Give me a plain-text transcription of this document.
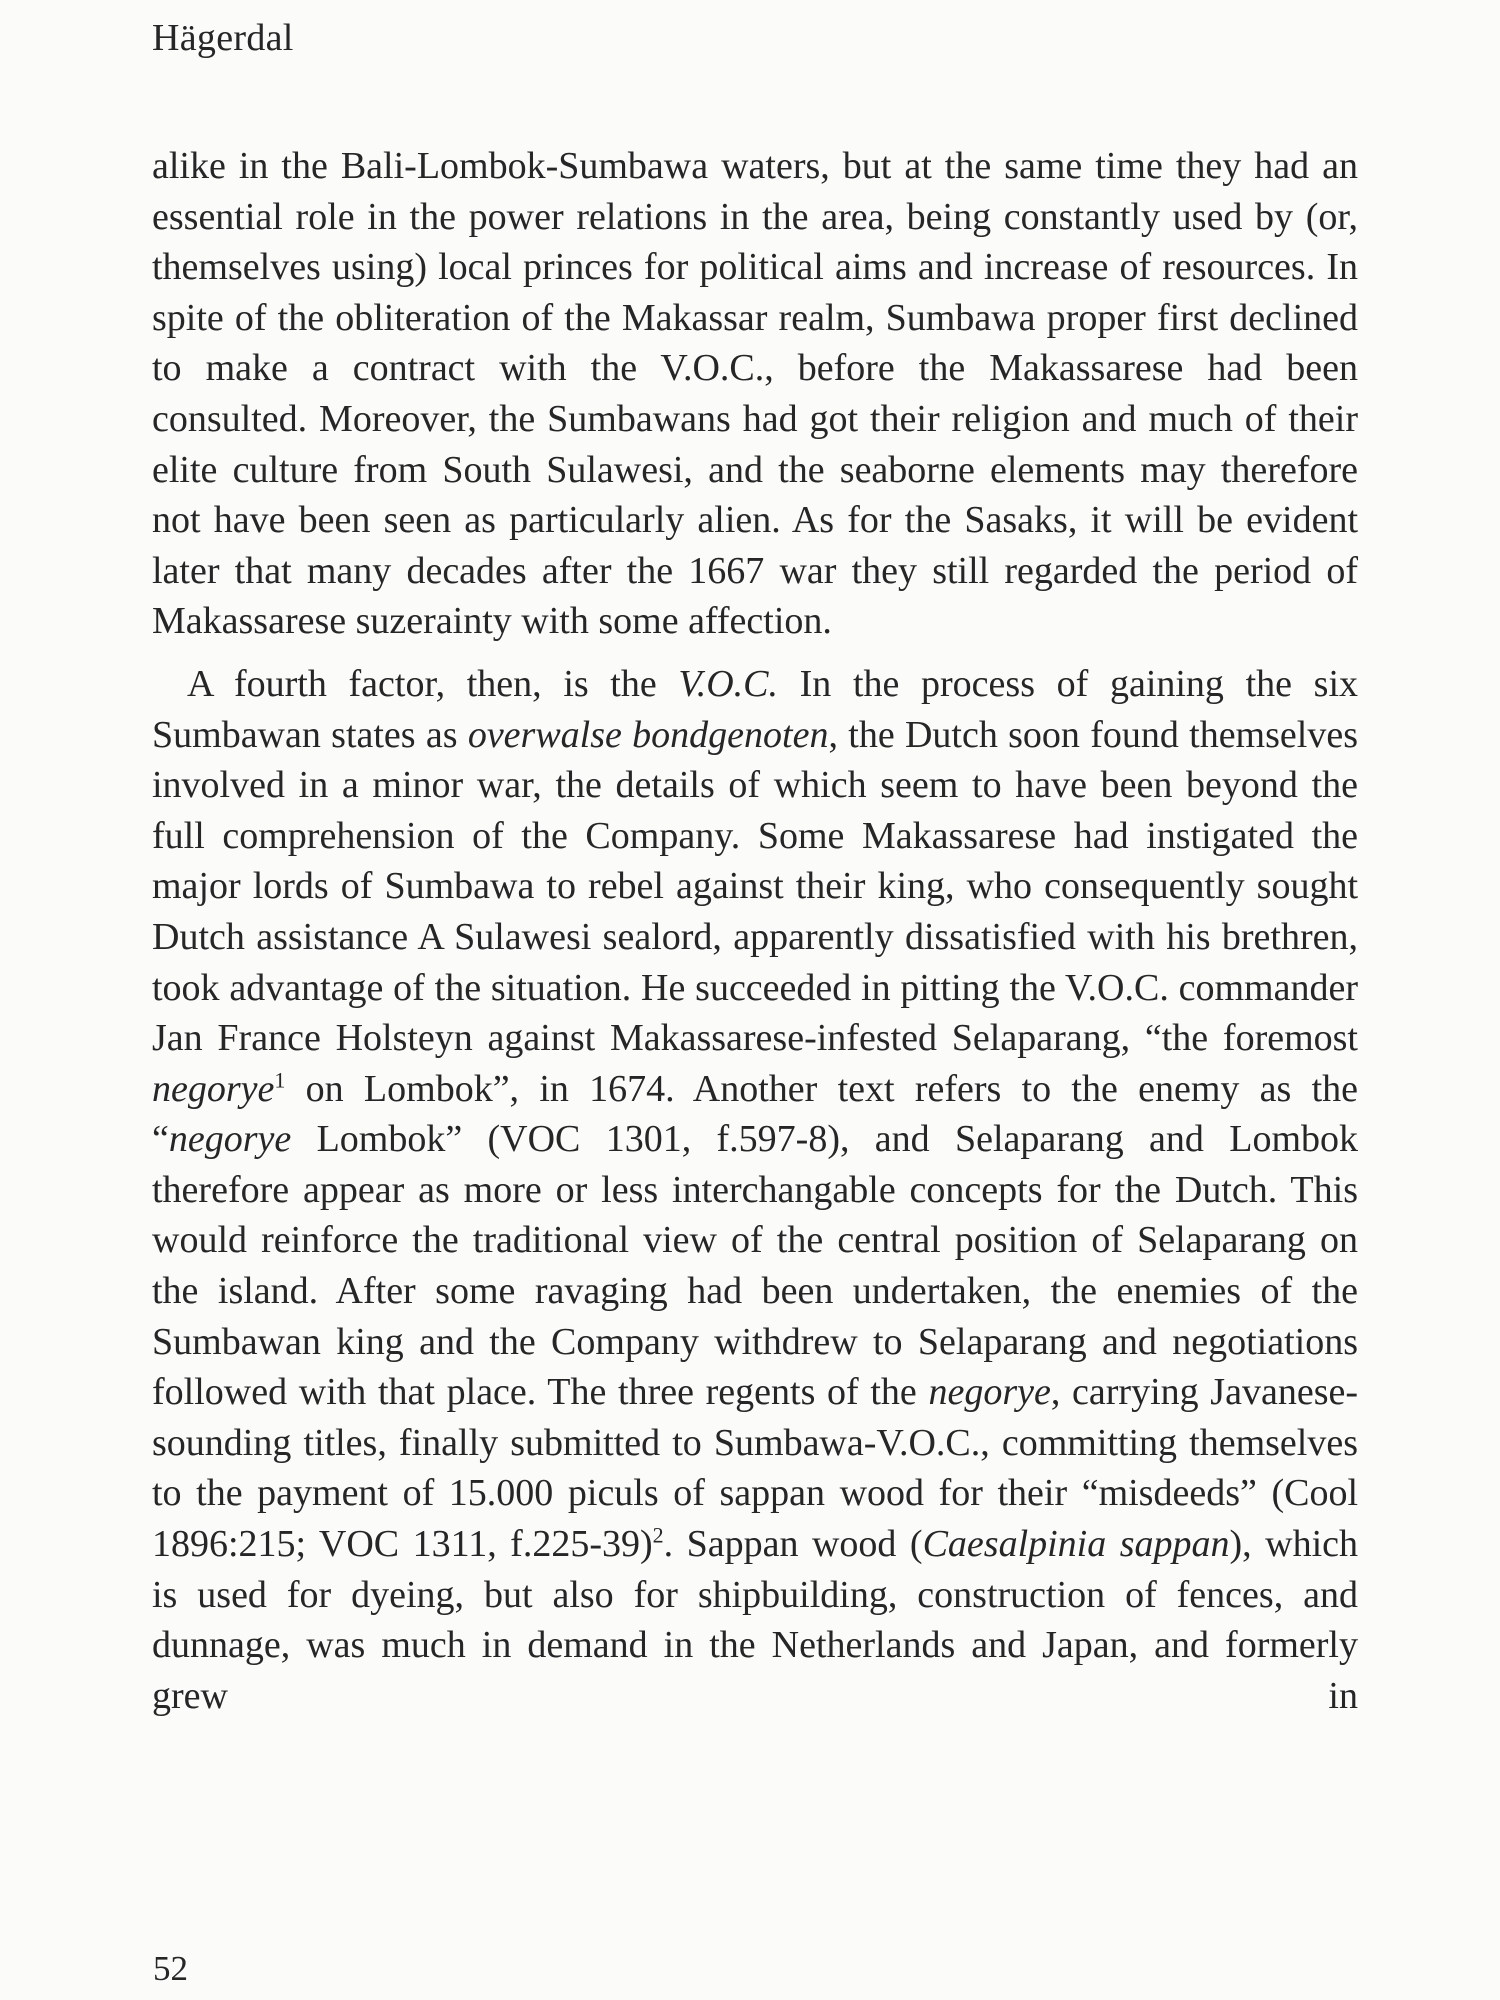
Hägerdal

alike in the Bali-Lombok-Sumbawa waters, but at the same time they had an essential role in the power relations in the area, being constantly used by (or, themselves using) local princes for political aims and increase of resources. In spite of the obliteration of the Makassar realm, Sumbawa proper first declined to make a contract with the V.O.C., before the Makassarese had been consulted. Moreover, the Sumbawans had got their religion and much of their elite culture from South Sulawesi, and the seaborne elements may therefore not have been seen as particularly alien. As for the Sasaks, it will be evident later that many decades after the 1667 war they still regarded the period of Makassarese suzerainty with some affection.

A fourth factor, then, is the V.O.C. In the process of gaining the six Sumbawan states as overwalse bondgenoten, the Dutch soon found themselves involved in a minor war, the details of which seem to have been beyond the full comprehension of the Company. Some Makassarese had instigated the major lords of Sumbawa to rebel against their king, who consequently sought Dutch assistance A Sulawesi sealord, apparently dissatisfied with his brethren, took advantage of the situation. He succeeded in pitting the V.O.C. commander Jan France Holsteyn against Makassarese-infested Selaparang, “the foremost negorye$^1$ on Lombok”, in 1674. Another text refers to the enemy as the “negorye Lombok” (VOC 1301, f.597-8), and Selaparang and Lombok therefore appear as more or less interchangable concepts for the Dutch. This would reinforce the traditional view of the central position of Selaparang on the island. After some ravaging had been undertaken, the enemies of the Sumbawan king and the Company withdrew to Selaparang and negotiations followed with that place. The three regents of the negorye, carrying Javanese-sounding titles, finally submitted to Sumbawa-V.O.C., committing themselves to the payment of 15.000 piculs of sappan wood for their “misdeeds” (Cool 1896:215; VOC 1311, f.225-39)$^2$. Sappan wood (Caesalpinia sappan), which is used for dyeing, but also for shipbuilding, construction of fences, and dunnage, was much in demand in the Netherlands and Japan, and formerly grew in

52
